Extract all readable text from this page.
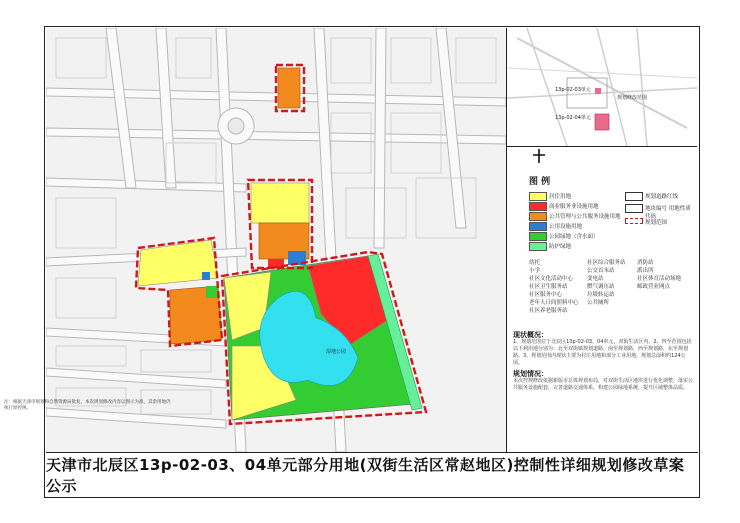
湿地公园
注：根据天津市规划和自然资源局批复，本次规划修改内容以图示为准，其余用地仍执行原控规。
13p-02-03单元
13p-02-04单元
规划修改范围
图 例
居住用地
商业服务业设施用地
公共管理与公共服务设施用地
公用设施用地
公园绿地（含水面）
防护绿地
规划道路红线
地块编号 用地性质代码
规划范围
幼托
小学
社区文化活动中心
社区卫生服务站
社区服务中心
老年人日间照料中心
社区养老服务站
社区综合服务站
公交首末站
变电站
燃气调压站
垃圾转运站
公共厕所
消防站
派出所
社区体育活动场地
邮政营业网点
现状概况：
1、规划范围位于北辰区13p-02-03、04单元，双街生活区内。2、四至范围包括以下利用地分别为：北至双街镇规划道路，南至规划路，西至规划路，东至规划路。3、规划范围内现状主要为村庄用地和部分工业用地，规划总面积约124公顷。
规划情况：
本次控规修改依据新版市总体规划布局，对双街生活区地块进行优化调整，落实公共服务设施配套，完善道路交通体系，构建公园绿地系统，提升区域整体品质。
天津市北辰区13p-02-03、04单元部分用地(双街生活区常赵地区)控制性详细规划修改草案公示
